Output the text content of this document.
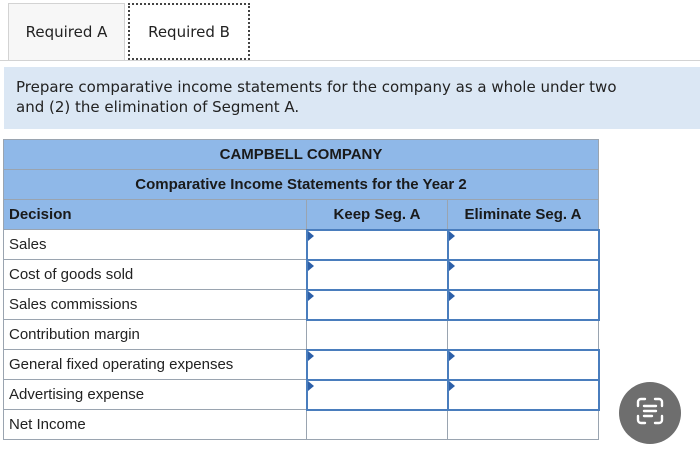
Required A	Required B
Prepare comparative income statements for the company as a whole under two
and (2) the elimination of Segment A.
CAMPBELL COMPANY		
Comparative Income Statements for the Year 2		
Decision	Keep Seg. A	Eliminate Seg. A
Sales		
Cost of goods sold		
Sales commissions		
Contribution margin		
General fixed operating expenses		
Advertising expense		
Net Income		
